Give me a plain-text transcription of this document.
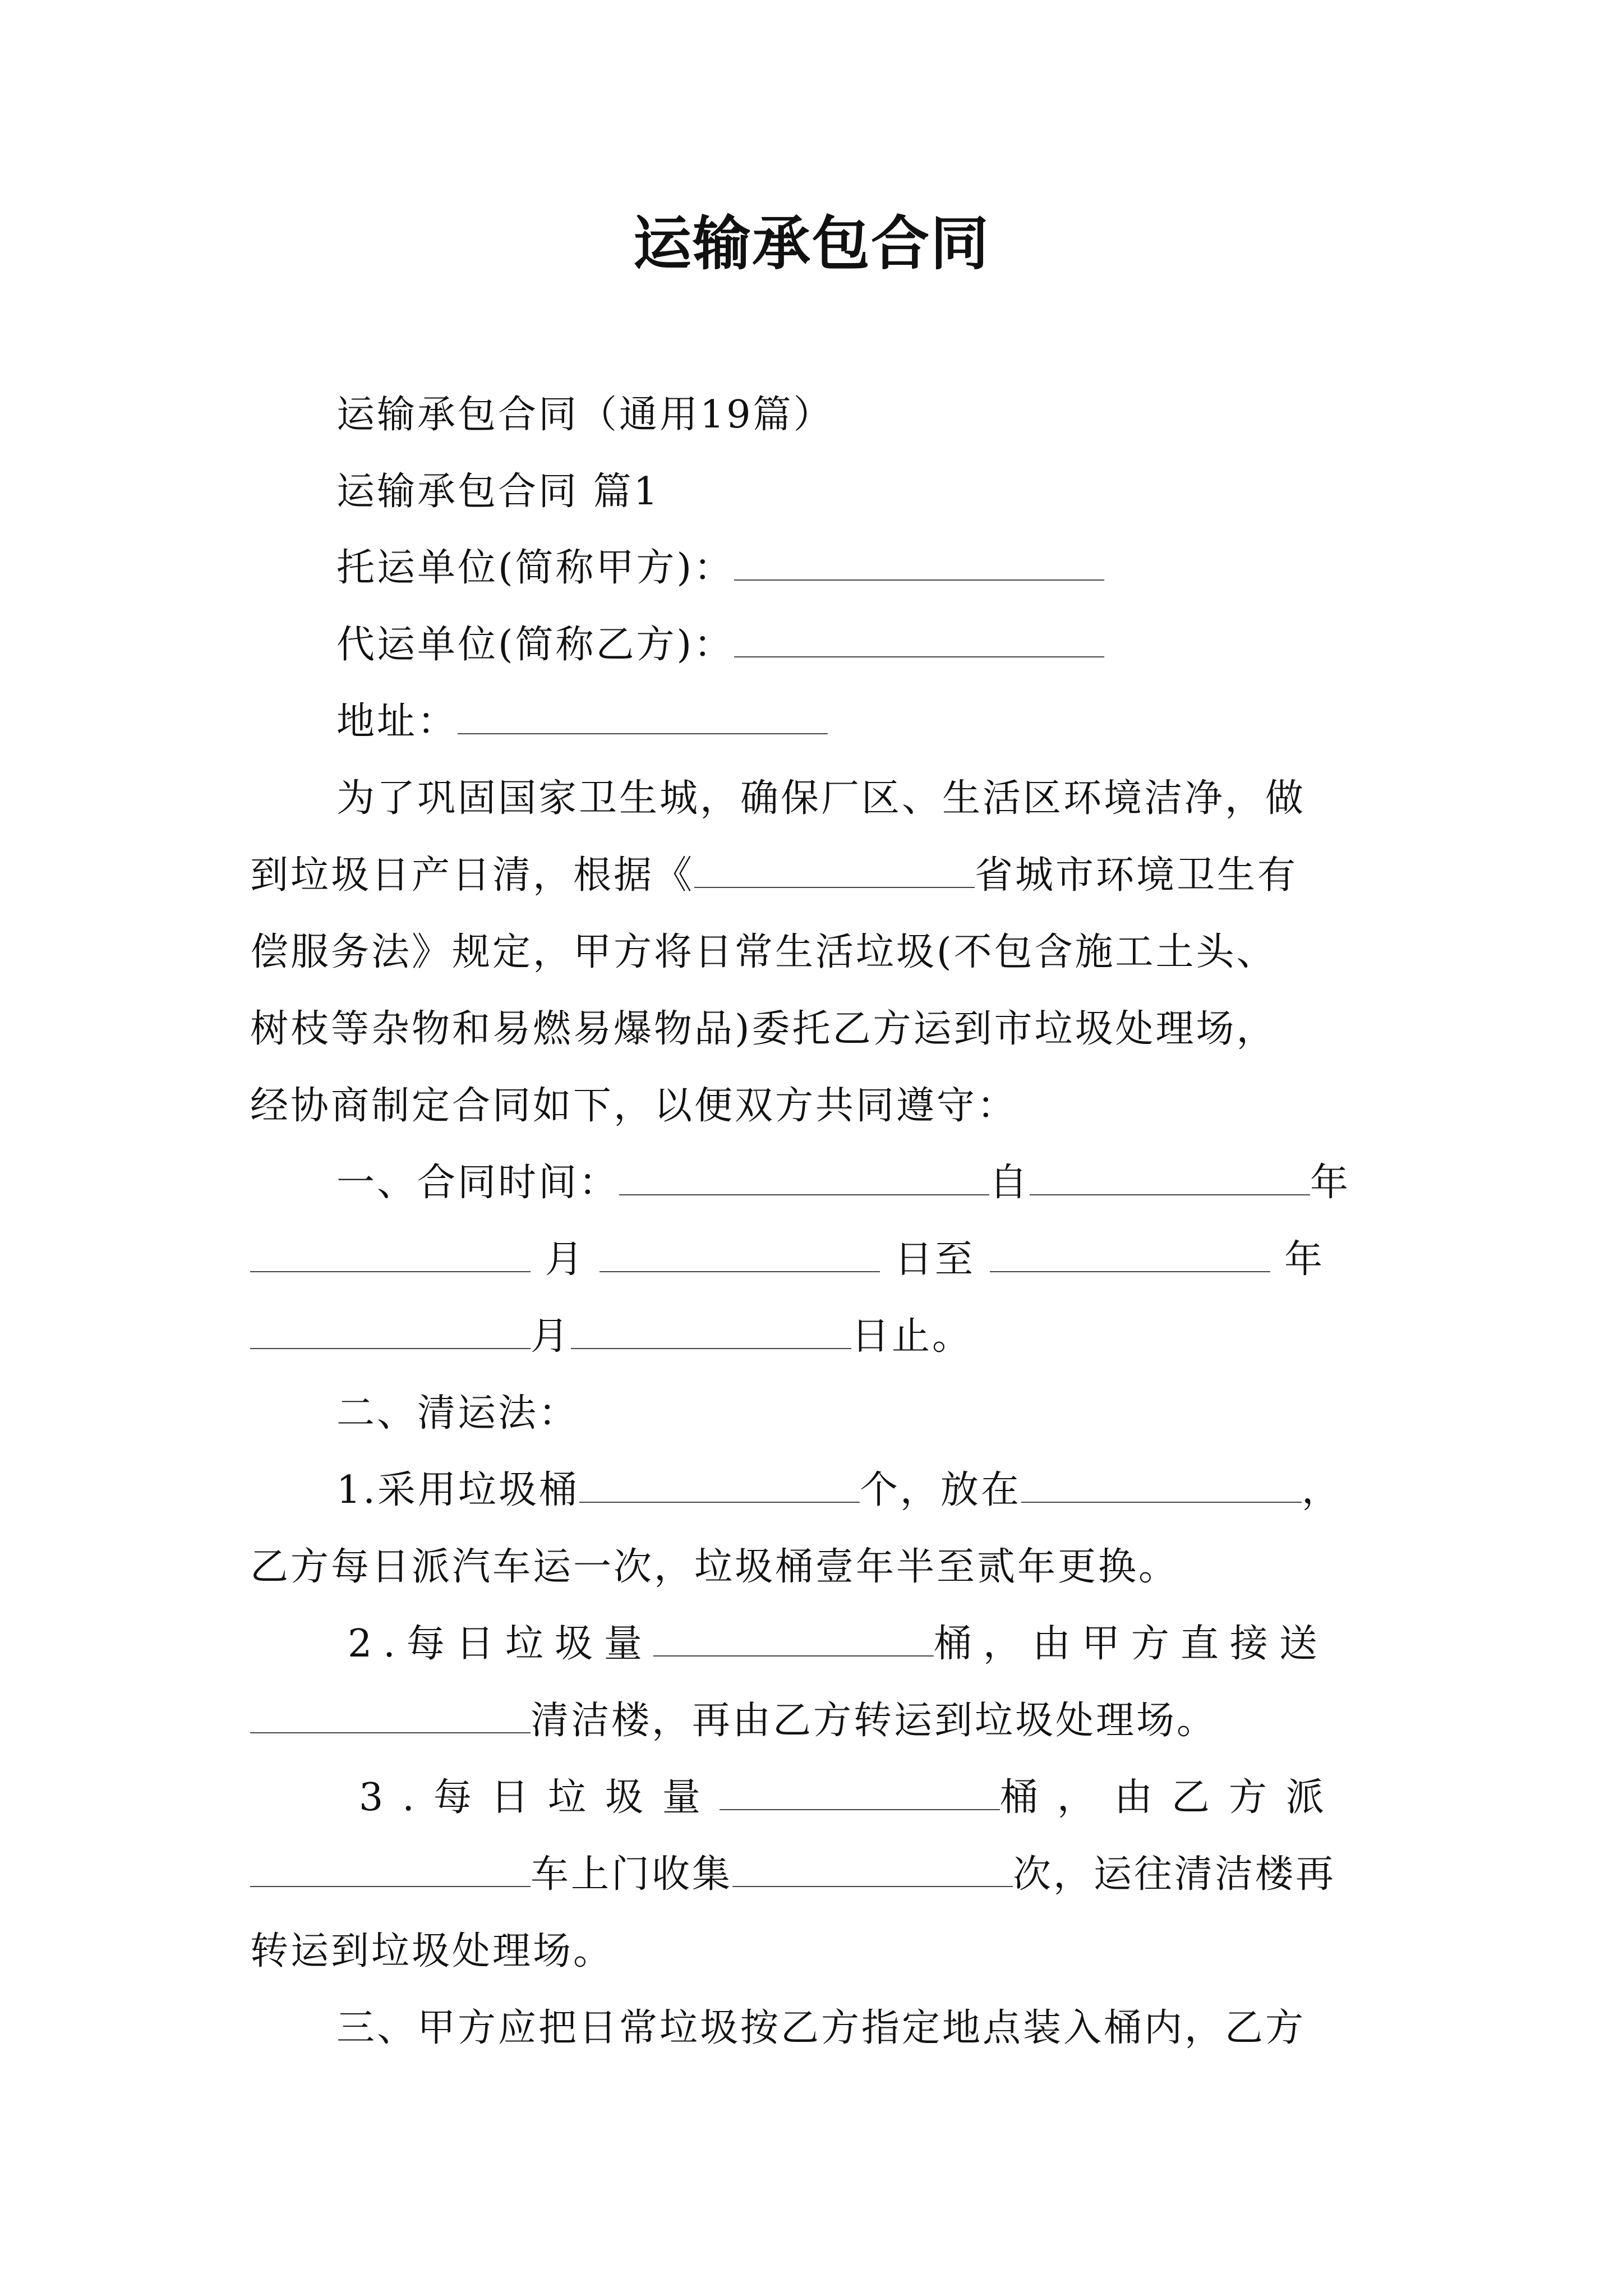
运输承包合同
运输承包合同（通用19篇）
运输承包合同 篇1
托运单位(简称甲方)：
代运单位(简称乙方)：
地址：
为了巩固国家卫生城，确保厂区、生活区环境洁净，做
到垃圾日产日清，根据《	省城市环境卫生有
偿服务法》规定，甲方将日常生活垃圾(不包含施工土头、
树枝等杂物和易燃易爆物品)委托乙方运到市垃圾处理场，
经协商制定合同如下，以便双方共同遵守：
一、合同时间：	自	年
月	日至	年
月	日止。
二、清运法：
1.采用垃圾桶	个，放在	，
乙方每日派汽车运一次，垃圾桶壹年半至贰年更换。
2.每日垃圾量	桶，由甲方直接送
清洁楼，再由乙方转运到垃圾处理场。
3.每日垃圾量	桶，由乙方派
车上门收集	次，运往清洁楼再
转运到垃圾处理场。
三、甲方应把日常垃圾按乙方指定地点装入桶内，乙方
